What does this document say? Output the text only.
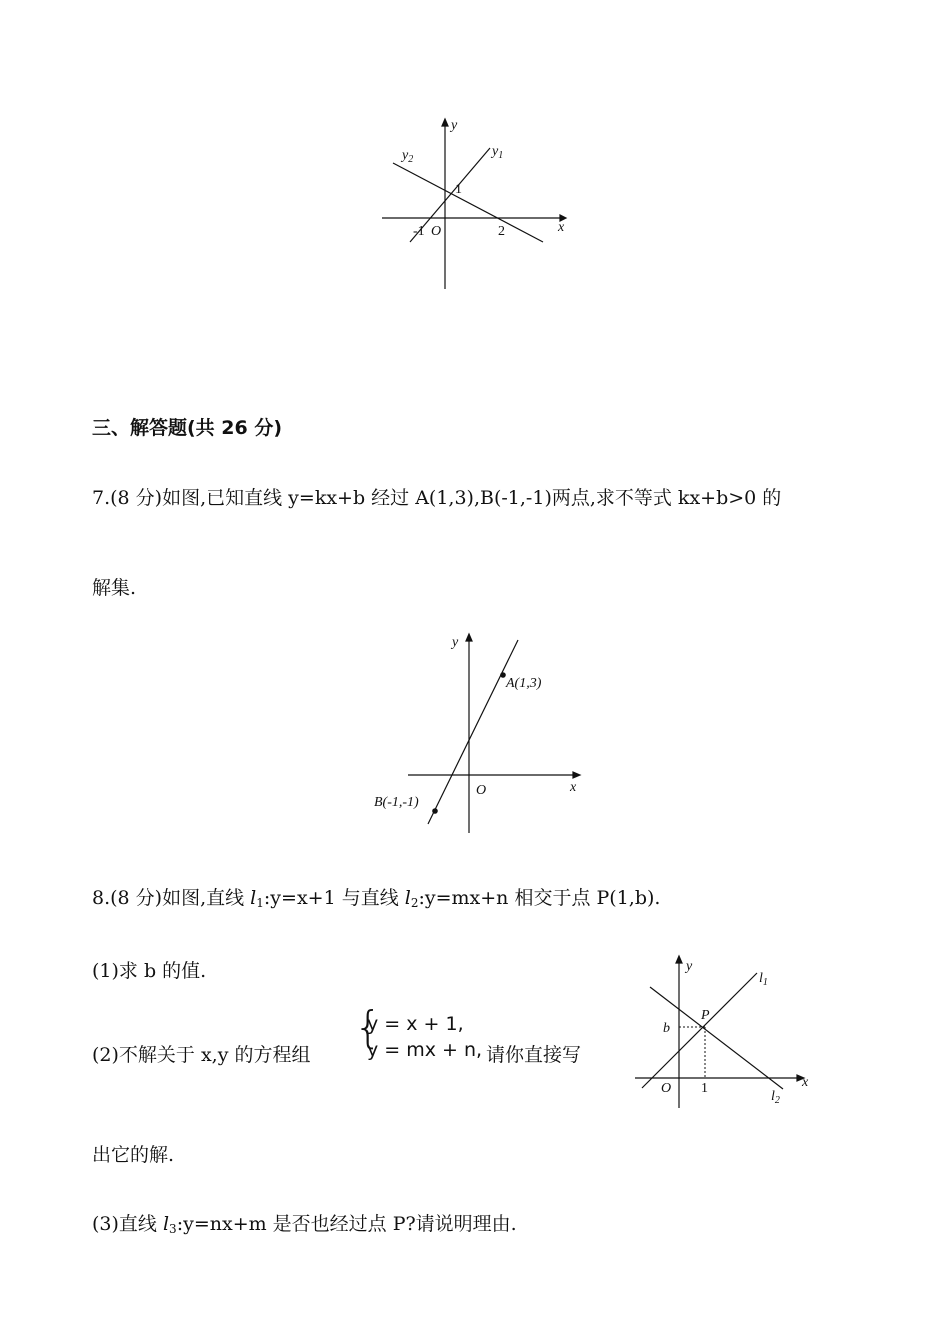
y
x
$y_1$
$y_2$
1
-1 O	2
三、解答题(共 26 分)
7.(8 分)如图,已知直线 y=kx+b 经过 A(1,3),B(-1,-1)两点,求不等式 kx+b>0 的
解集.
y
x
O
A(1,3)
B(-1,-1)
8.(8 分)如图,直线 $l_1:y=x+1$ 与直线 $l_2:y=mx+n$ 相交于点 P(1,b).
(1)求 b 的值.
(2)不解关于 x,y 的方程组
{
y = x + 1,
y = mx + n, 请你直接写
出它的解.
(3)直线 $l_3:y=nx+m$ 是否也经过点 P?请说明理由.
y
x
O
b
P
1
$l_1$
$l_2$
